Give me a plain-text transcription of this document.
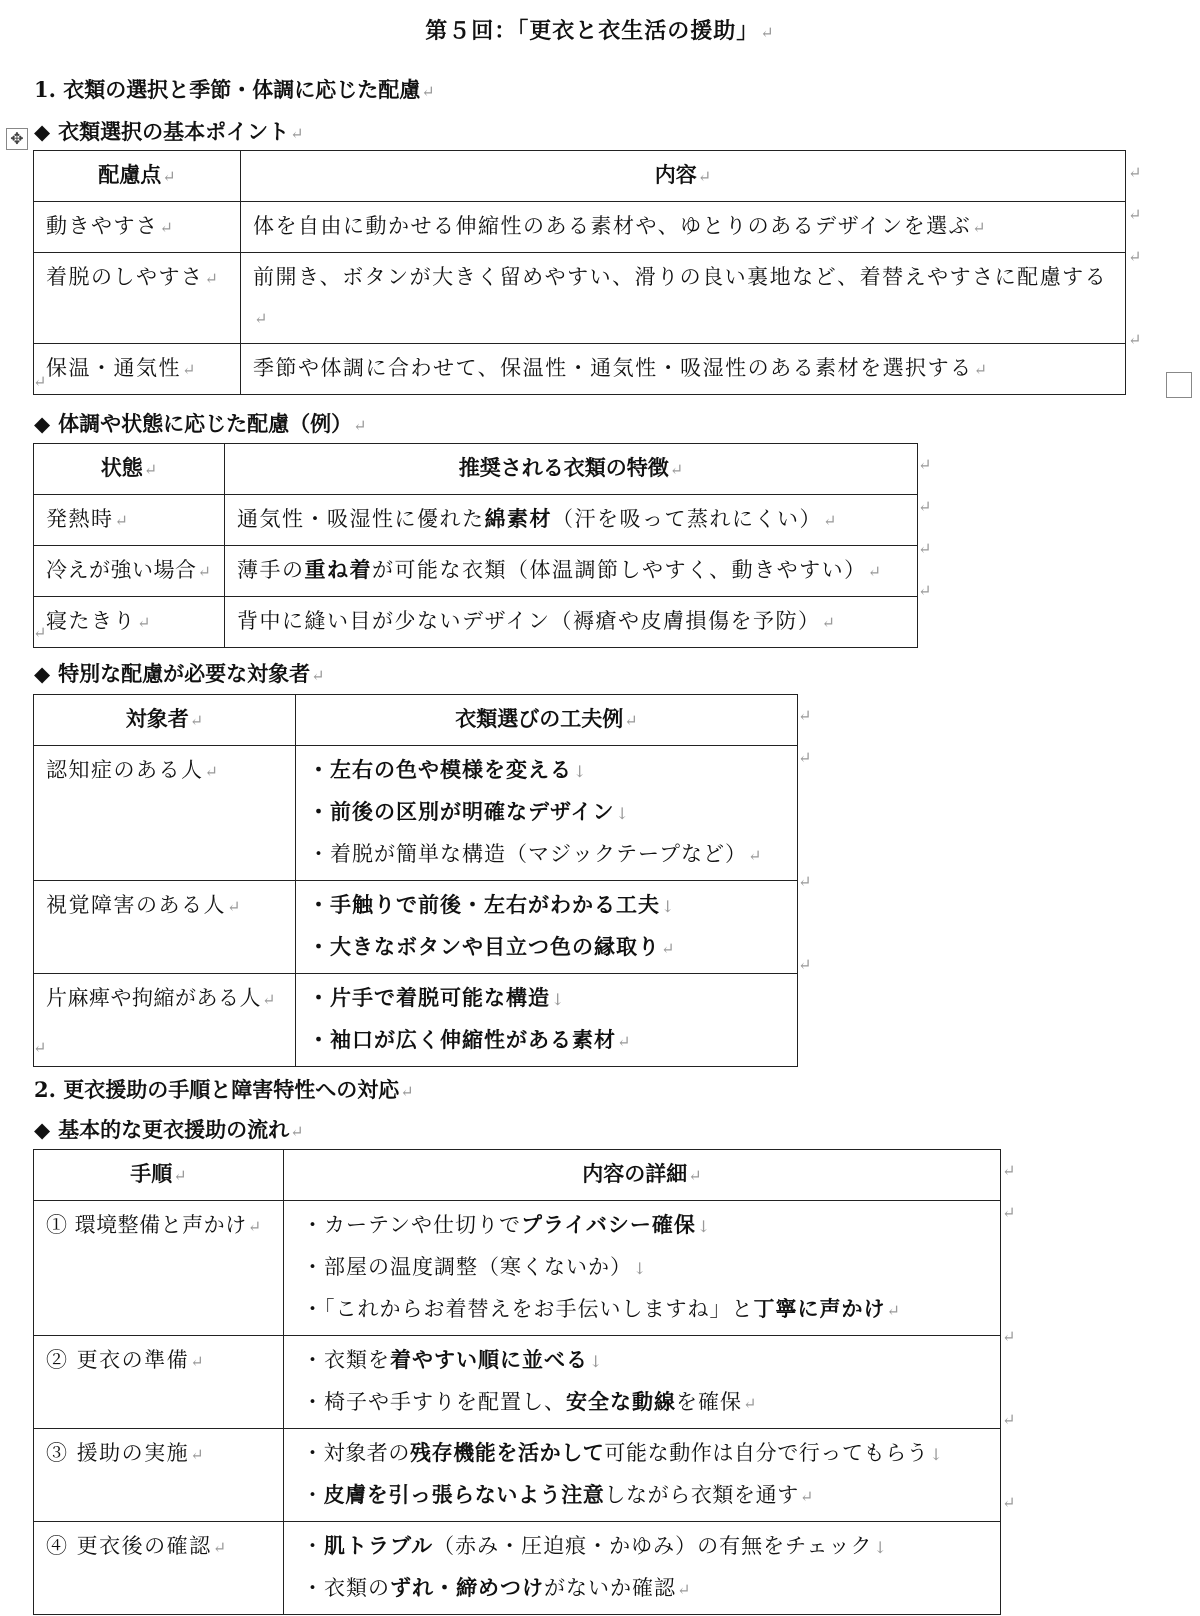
第５回：「更衣と衣生活の援助」↵
1. 衣類の選択と季節・体調に応じた配慮↵
✥ ◆ 衣類選択の基本ポイント↵
配慮点↵	内容↵
動きやすさ↵	体を自由に動かせる伸縮性のある素材や、ゆとりのあるデザインを選ぶ↵
着脱のしやすさ↵	前開き、ボタンが大きく留めやすい、滑りの良い裏地など、着替えやすさに配慮する↵
保温・通気性↵	季節や体調に合わせて、保温性・通気性・吸湿性のある素材を選択する↵
↵
↵
↵
↵
↵
◆ 体調や状態に応じた配慮（例）↵
状態↵	推奨される衣類の特徴↵
発熱時↵	通気性・吸湿性に優れた綿素材（汗を吸って蒸れにくい）↵
冷えが強い場合↵	薄手の重ね着が可能な衣類（体温調節しやすく、動きやすい）↵
寝たきり↵	背中に縫い目が少ないデザイン（褥瘡や皮膚損傷を予防）↵
↵
↵
↵
↵
↵
◆ 特別な配慮が必要な対象者↵
対象者↵	衣類選びの工夫例↵
認知症のある人↵	・左右の色や模様を変える↓
・前後の区別が明確なデザイン↓
・着脱が簡単な構造（マジックテープなど）↵

視覚障害のある人↵	・手触りで前後・左右がわかる工夫↓
・大きなボタンや目立つ色の縁取り↵

片麻痺や拘縮がある人↵	・片手で着脱可能な構造↓
・袖口が広く伸縮性がある素材↵
↵
↵
↵
↵
↵
2. 更衣援助の手順と障害特性への対応↵
◆ 基本的な更衣援助の流れ↵
手順↵	内容の詳細↵
① 環境整備と声かけ↵	・カーテンや仕切りでプライバシー確保↓
・部屋の温度調整（寒くないか）↓
・「これからお着替えをお手伝いしますね」と丁寧に声かけ↵

② 更衣の準備↵	・衣類を着やすい順に並べる↓
・椅子や手すりを配置し、安全な動線を確保↵

③ 援助の実施↵	・対象者の残存機能を活かして可能な動作は自分で行ってもらう↓
・皮膚を引っ張らないよう注意しながら衣類を通す↵

④ 更衣後の確認↵	・肌トラブル（赤み・圧迫痕・かゆみ）の有無をチェック↓
・衣類のずれ・締めつけがないか確認↵
↵
↵
↵
↵
↵
